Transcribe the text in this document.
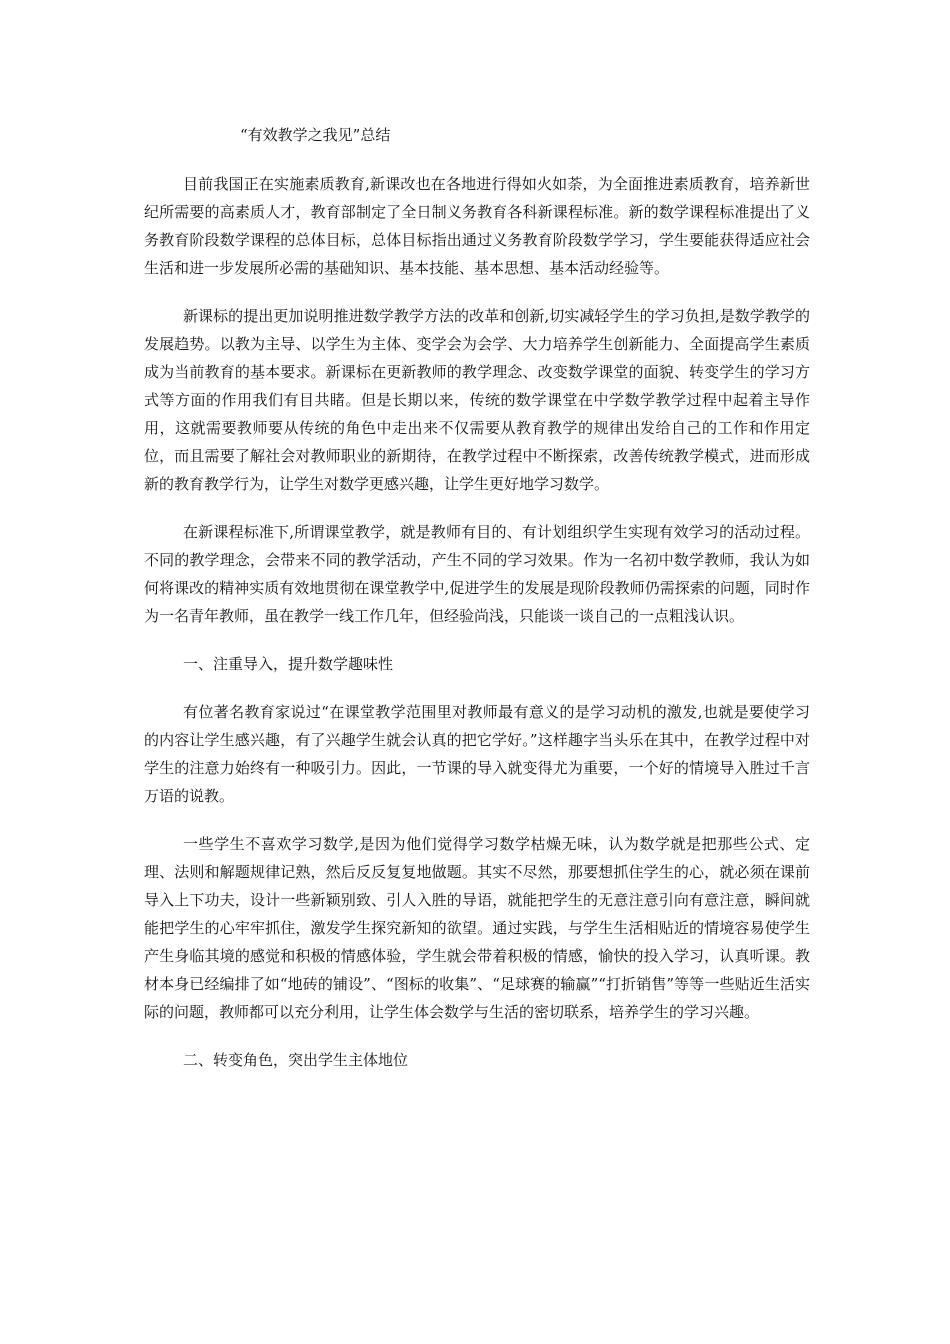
“有效教学之我见”总结

目前我国正在实施素质教育,新课改也在各地进行得如火如荼，为全面推进素质教育，培养新世纪所需要的高素质人才，教育部制定了全日制义务教育各科新课程标准。新的数学课程标准提出了义务教育阶段数学课程的总体目标，总体目标指出通过义务教育阶段数学学习，学生要能获得适应社会生活和进一步发展所必需的基础知识、基本技能、基本思想、基本活动经验等。

新课标的提出更加说明推进数学教学方法的改革和创新,切实减轻学生的学习负担,是数学教学的发展趋势。以教为主导、以学生为主体、变学会为会学、大力培养学生创新能力、全面提高学生素质成为当前教育的基本要求。新课标在更新教师的教学理念、改变数学课堂的面貌、转变学生的学习方式等方面的作用我们有目共睹。但是长期以来，传统的数学课堂在中学数学教学过程中起着主导作用，这就需要教师要从传统的角色中走出来不仅需要从教育教学的规律出发给自己的工作和作用定位，而且需要了解社会对教师职业的新期待，在教学过程中不断探索，改善传统教学模式，进而形成新的教育教学行为，让学生对数学更感兴趣，让学生更好地学习数学。

在新课程标准下,所谓课堂教学，就是教师有目的、有计划组织学生实现有效学习的活动过程。不同的教学理念，会带来不同的教学活动，产生不同的学习效果。作为一名初中数学教师，我认为如何将课改的精神实质有效地贯彻在课堂教学中,促进学生的发展是现阶段教师仍需探索的问题，同时作为一名青年教师，虽在教学一线工作几年，但经验尚浅，只能谈一谈自己的一点粗浅认识。

一、注重导入，提升数学趣味性

有位著名教育家说过“在课堂教学范围里对教师最有意义的是学习动机的激发,也就是要使学习的内容让学生感兴趣，有了兴趣学生就会认真的把它学好。”这样趣字当头乐在其中，在教学过程中对学生的注意力始终有一种吸引力。因此，一节课的导入就变得尤为重要，一个好的情境导入胜过千言万语的说教。

一些学生不喜欢学习数学,是因为他们觉得学习数学枯燥无味，认为数学就是把那些公式、定理、法则和解题规律记熟，然后反反复复地做题。其实不尽然，那要想抓住学生的心，就必须在课前导入上下功夫，设计一些新颖别致、引人入胜的导语，就能把学生的无意注意引向有意注意，瞬间就能把学生的心牢牢抓住，激发学生探究新知的欲望。通过实践，与学生生活相贴近的情境容易使学生产生身临其境的感觉和积极的情感体验，学生就会带着积极的情感，愉快的投入学习，认真听课。教材本身已经编排了如“地砖的铺设”、“图标的收集”、“足球赛的输赢”“打折销售”等等一些贴近生活实际的问题，教师都可以充分利用，让学生体会数学与生活的密切联系，培养学生的学习兴趣。

二、转变角色，突出学生主体地位
